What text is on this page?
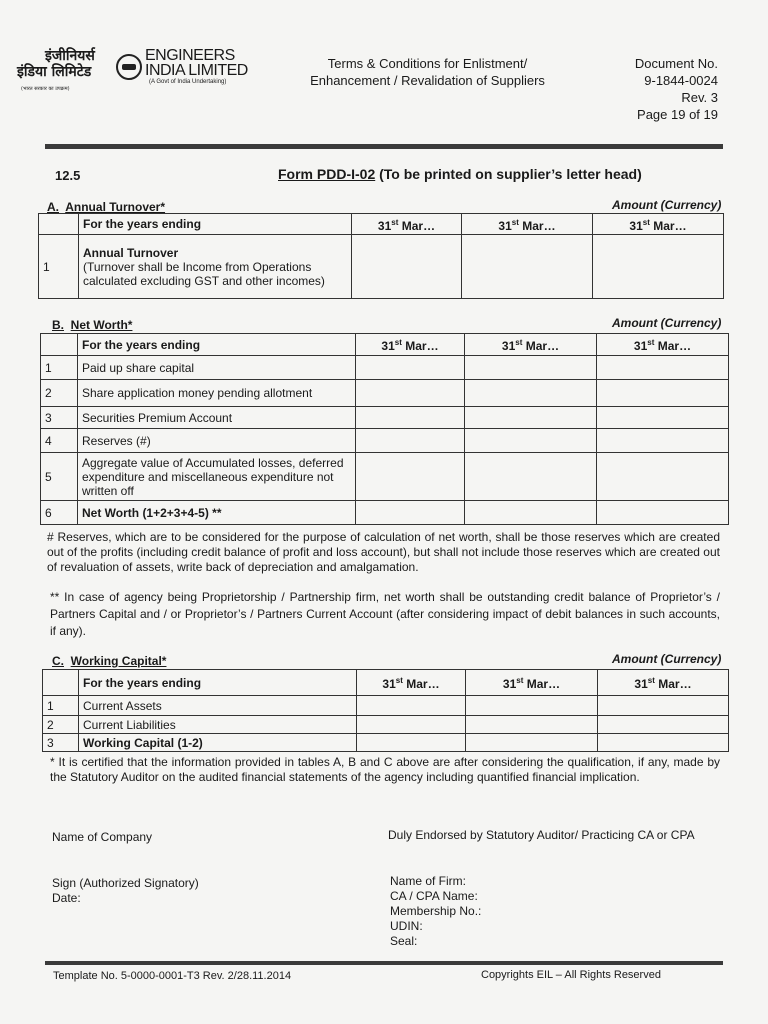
इंजीनियर्स
इंडिया लिमिटेड
(भारत सरकार का उपक्रम)
ENGINEERS
INDIA LIMITED
(A Govt of India Undertaking)
Terms & Conditions for Enlistment/
Enhancement / Revalidation of Suppliers
Document No.
9-1844-0024
Rev. 3
Page 19 of 19
12.5	Form PDD-I-02 (To be printed on supplier’s letter head)
A. Annual Turnover*	Amount (Currency)
	For the years ending	31st Mar…	31st Mar…	31st Mar…
1	Annual Turnover
(Turnover shall be Income from Operations calculated excluding GST and other incomes)			

B. Net Worth*	Amount (Currency)
	For the years ending	31st Mar…	31st Mar…	31st Mar…
1	Paid up share capital			
2	Share application money pending allotment			
3	Securities Premium Account			
4	Reserves (#)			
5	Aggregate value of Accumulated losses, deferred expenditure and miscellaneous expenditure not written off			
6	Net Worth (1+2+3+4-5) **			
# Reserves, which are to be considered for the purpose of calculation of net worth, shall be those reserves which are created out of the profits (including credit balance of profit and loss account), but shall not include those reserves which are created out of revaluation of assets, write back of depreciation and amalgamation.
** In case of agency being Proprietorship / Partnership firm, net worth shall be outstanding credit balance of Proprietor’s / Partners Capital and / or Proprietor’s / Partners Current Account (after considering impact of debit balances in such accounts, if any).
C. Working Capital*	Amount (Currency)
	For the years ending	31st Mar…	31st Mar…	31st Mar…
1	Current Assets			
2	Current Liabilities			
3	Working Capital (1-2)			
* It is certified that the information provided in tables A, B and C above are after considering the qualification, if any, made by the Statutory Auditor on the audited financial statements of the agency including quantified financial implication.
Name of Company	Duly Endorsed by Statutory Auditor/ Practicing CA or CPA
Sign (Authorized Signatory)
Date:
Name of Firm:
CA / CPA Name:
Membership No.:
UDIN:
Seal:
Template No. 5-0000-0001-T3 Rev. 2/28.11.2014	Copyrights EIL – All Rights Reserved
